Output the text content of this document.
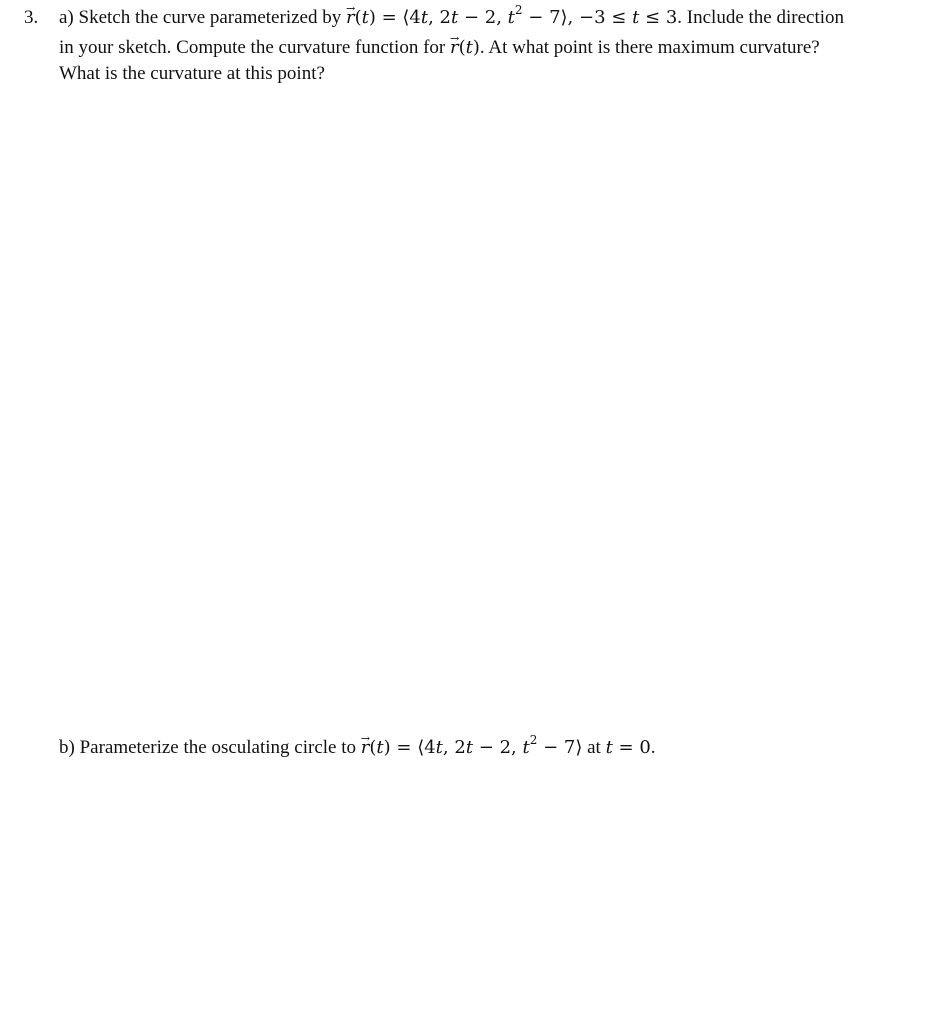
3. a) Sketch the curve parameterized by → r(t) = ⟨4t, 2t − 2, $t^2$ − 7⟩, −3 ≤ t ≤ 3. Include the direction
in your sketch. Compute the curvature function for → r(t). At what point is there maximum curvature?
What is the curvature at this point?
b) Parameterize the osculating circle to → r(t) = ⟨4t, 2t − 2, $t^2$ − 7⟩ at t = 0.
